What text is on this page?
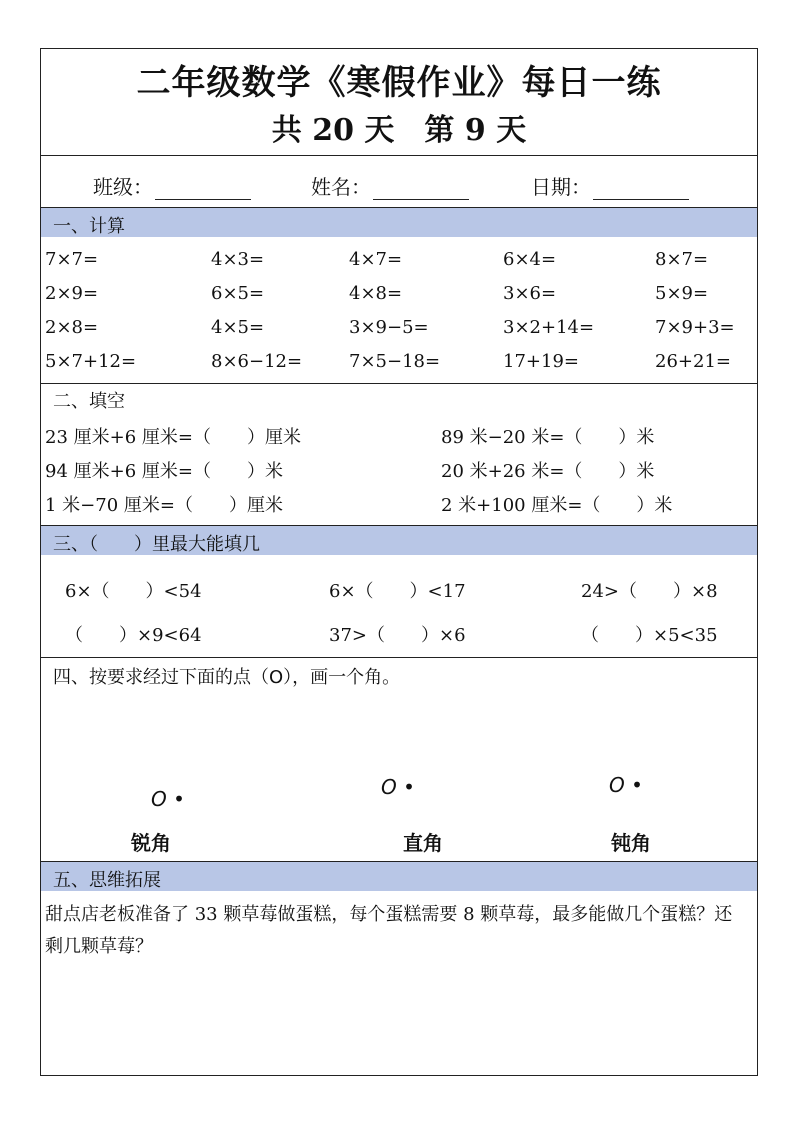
二年级数学《寒假作业》每日一练
共 20 天　第 9 天
班级：	姓名：	日期：
一、计算
7×7=	4×3=	4×7=	6×4=	8×7=
2×9=	6×5=	4×8=	3×6=	5×9=
2×8=	4×5=	3×9−5=	3×2+14=	7×9+3=
5×7+12=	8×6−12=	7×5−18=	17+19=	26+21=
二、填空
23 厘米+6 厘米=（　　）厘米	89 米−20 米=（　　）米
94 厘米+6 厘米=（　　）米	20 米+26 米=（　　）米
1 米−70 厘米=（　　）厘米	2 米+100 厘米=（　　）米
三、（　　）里最大能填几
6×（　　）<54	6×（　　）<17	24>（　　）×8
（　　）×9<64	37>（　　）×6	（　　）×5<35
四、按要求经过下面的点（O），画一个角。
O •	O •	O •
锐角	直角	钝角
五、思维拓展
甜点店老板准备了 33 颗草莓做蛋糕，每个蛋糕需要 8 颗草莓，最多能做几个蛋糕？还剩几颗草莓？
